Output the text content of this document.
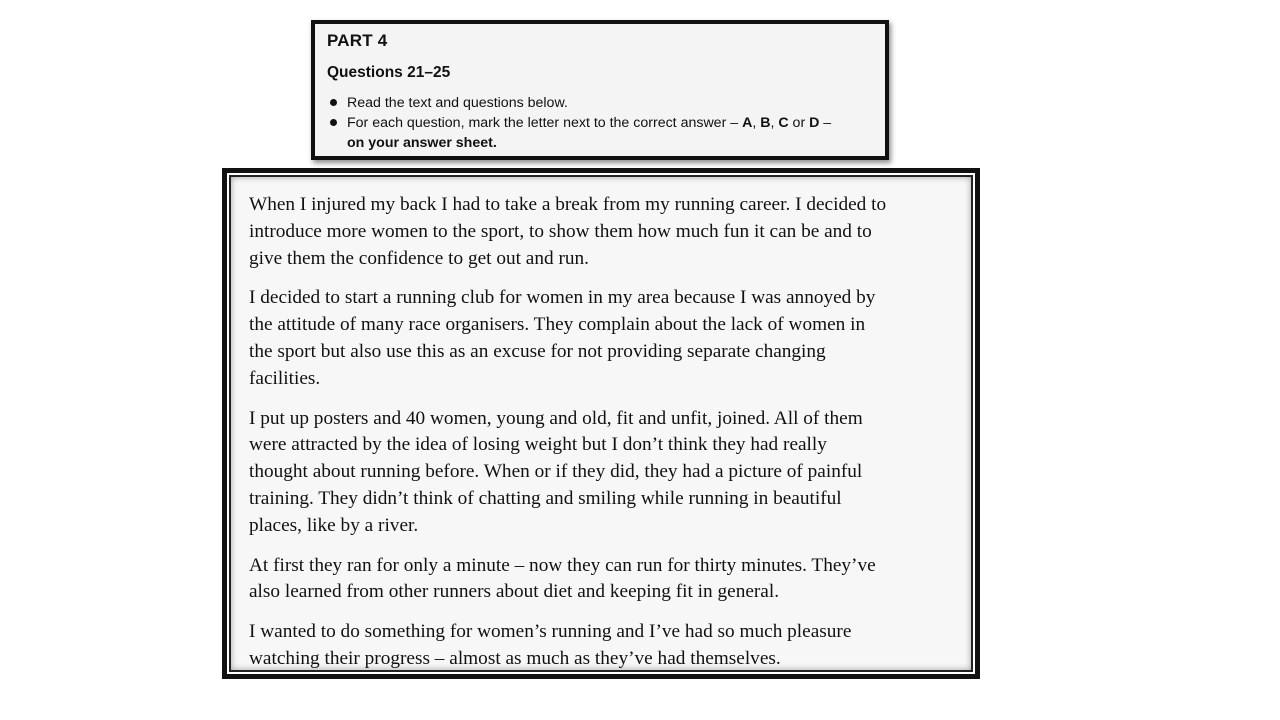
PART 4
Questions 21–25
Read the text and questions below.
For each question, mark the letter next to the correct answer – A, B, C or D –
on your answer sheet.

When I injured my back I had to take a break from my running career. I decided to
introduce more women to the sport, to show them how much fun it can be and to
give them the confidence to get out and run.

I decided to start a running club for women in my area because I was annoyed by
the attitude of many race organisers. They complain about the lack of women in
the sport but also use this as an excuse for not providing separate changing
facilities.

I put up posters and 40 women, young and old, fit and unfit, joined. All of them
were attracted by the idea of losing weight but I don’t think they had really
thought about running before. When or if they did, they had a picture of painful
training. They didn’t think of chatting and smiling while running in beautiful
places, like by a river.

At first they ran for only a minute – now they can run for thirty minutes. They’ve
also learned from other runners about diet and keeping fit in general.

I wanted to do something for women’s running and I’ve had so much pleasure
watching their progress – almost as much as they’ve had themselves.
